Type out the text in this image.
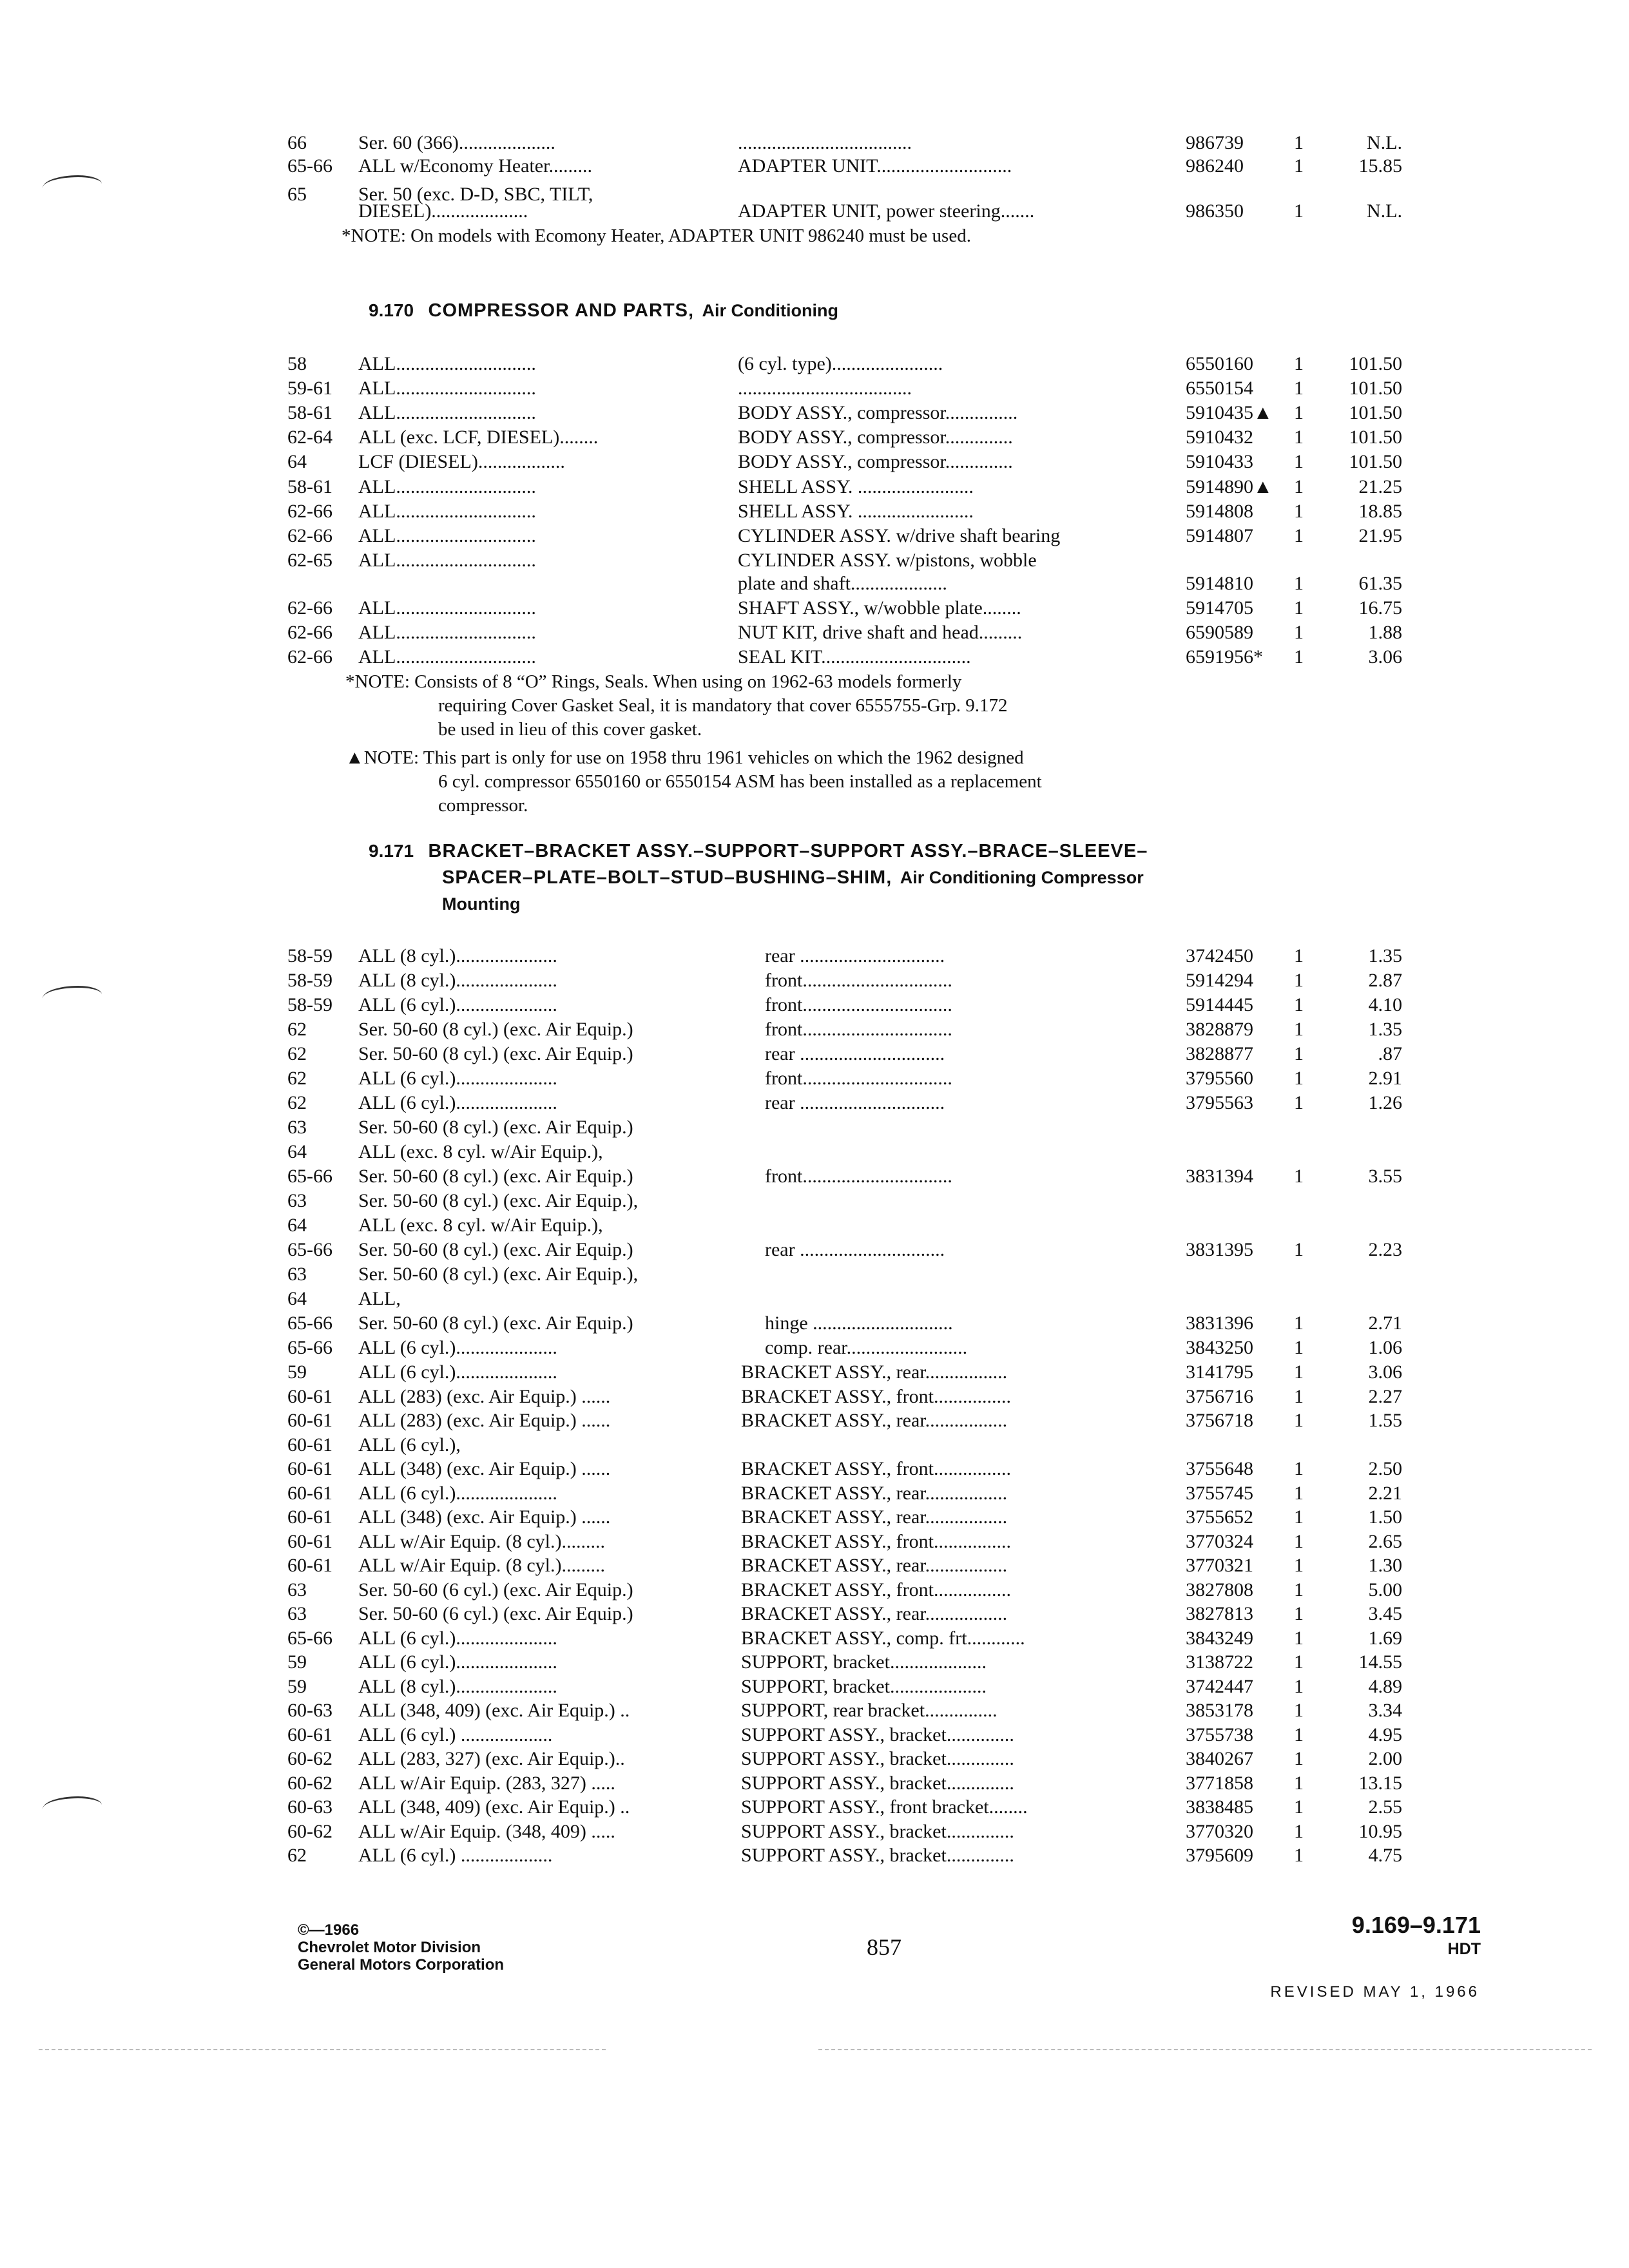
66	Ser. 60 (366)....................	....................................	986739	1	N.L.
65-66 ALL w/Economy Heater.........	ADAPTER UNIT............................	986240	1	15.85
65	Ser. 50 (exc. D-D, SBC, TILT,
DIESEL)....................	ADAPTER UNIT, power steering.......	986350	1	N.L.
*NOTE: On models with Ecomony Heater, ADAPTER UNIT 986240 must be used.
9.170 COMPRESSOR AND PARTS, Air Conditioning
58	ALL.............................	(6 cyl. type).......................	6550160 1 101.50
59-61 ALL.............................	....................................	6550154 1 101.50
58-61 ALL.............................	BODY ASSY., compressor...............	5910435▲ 1 101.50
62-64 ALL (exc. LCF, DIESEL)........	BODY ASSY., compressor..............	5910432 1 101.50
64	LCF (DIESEL)..................	BODY ASSY., compressor..............	5910433 1 101.50
58-61 ALL.............................	SHELL ASSY. ........................	5914890▲ 1	21.25
62-66 ALL.............................	SHELL ASSY. ........................	5914808 1	18.85
62-66 ALL.............................	CYLINDER ASSY. w/drive shaft bearing	5914807 1	21.95
62-65 ALL.............................	CYLINDER ASSY. w/pistons, wobble
plate and shaft....................	5914810 1	61.35
62-66 ALL.............................	SHAFT ASSY., w/wobble plate........	5914705 1	16.75
62-66 ALL.............................	NUT KIT, drive shaft and head.........	6590589 1	1.88
62-66 ALL.............................	SEAL KIT...............................	6591956* 1	3.06
*NOTE: Consists of 8 “O” Rings, Seals. When using on 1962-63 models formerly
requiring Cover Gasket Seal, it is mandatory that cover 6555755-Grp. 9.172
be used in lieu of this cover gasket.
▲NOTE: This part is only for use on 1958 thru 1961 vehicles on which the 1962 designed
6 cyl. compressor 6550160 or 6550154 ASM has been installed as a replacement
compressor.
9.171 BRACKET–BRACKET ASSY.–SUPPORT–SUPPORT ASSY.–BRACE–SLEEVE–
SPACER–PLATE–BOLT–STUD–BUSHING–SHIM, Air Conditioning Compressor
Mounting
58-59 ALL (8 cyl.).....................	rear ..............................	3742450 1	1.35
58-59 ALL (8 cyl.).....................	front...............................	5914294 1	2.87
58-59 ALL (6 cyl.).....................	front...............................	5914445 1	4.10
62	Ser. 50-60 (8 cyl.) (exc. Air Equip.)	front...............................	3828879 1	1.35
62	Ser. 50-60 (8 cyl.) (exc. Air Equip.)	rear ..............................	3828877 1	.87
62	ALL (6 cyl.).....................	front...............................	3795560 1	2.91
62	ALL (6 cyl.).....................	rear ..............................	3795563 1	1.26
63	Ser. 50-60 (8 cyl.) (exc. Air Equip.)
64	ALL (exc. 8 cyl. w/Air Equip.),
65-66 Ser. 50-60 (8 cyl.) (exc. Air Equip.)	front...............................	3831394 1	3.55
63	Ser. 50-60 (8 cyl.) (exc. Air Equip.),
64	ALL (exc. 8 cyl. w/Air Equip.),
65-66 Ser. 50-60 (8 cyl.) (exc. Air Equip.)	rear ..............................	3831395 1	2.23
63	Ser. 50-60 (8 cyl.) (exc. Air Equip.),
64	ALL,
65-66 Ser. 50-60 (8 cyl.) (exc. Air Equip.)	hinge .............................	3831396 1	2.71
65-66 ALL (6 cyl.).....................	comp. rear.........................	3843250 1	1.06
59	ALL (6 cyl.).....................	BRACKET ASSY., rear.................	3141795 1	3.06
60-61 ALL (283) (exc. Air Equip.) ......	BRACKET ASSY., front................	3756716 1	2.27
60-61 ALL (283) (exc. Air Equip.) ......	BRACKET ASSY., rear.................	3756718 1	1.55
60-61 ALL (6 cyl.),
60-61 ALL (348) (exc. Air Equip.) ......	BRACKET ASSY., front................	3755648 1	2.50
60-61 ALL (6 cyl.).....................	BRACKET ASSY., rear.................	3755745 1	2.21
60-61 ALL (348) (exc. Air Equip.) ......	BRACKET ASSY., rear.................	3755652 1	1.50
60-61 ALL w/Air Equip. (8 cyl.).........	BRACKET ASSY., front................	3770324 1	2.65
60-61 ALL w/Air Equip. (8 cyl.).........	BRACKET ASSY., rear.................	3770321 1	1.30
63	Ser. 50-60 (6 cyl.) (exc. Air Equip.)	BRACKET ASSY., front................	3827808 1	5.00
63	Ser. 50-60 (6 cyl.) (exc. Air Equip.)	BRACKET ASSY., rear.................	3827813 1	3.45
65-66 ALL (6 cyl.).....................	BRACKET ASSY., comp. frt............	3843249 1	1.69
59	ALL (6 cyl.).....................	SUPPORT, bracket....................	3138722 1	14.55
59	ALL (8 cyl.).....................	SUPPORT, bracket....................	3742447 1	4.89
60-63 ALL (348, 409) (exc. Air Equip.) ..	SUPPORT, rear bracket...............	3853178 1	3.34
60-61 ALL (6 cyl.) ...................	SUPPORT ASSY., bracket..............	3755738 1	4.95
60-62 ALL (283, 327) (exc. Air Equip.)..	SUPPORT ASSY., bracket..............	3840267 1	2.00
60-62 ALL w/Air Equip. (283, 327) .....	SUPPORT ASSY., bracket..............	3771858 1	13.15
60-63 ALL (348, 409) (exc. Air Equip.) ..	SUPPORT ASSY., front bracket........	3838485 1	2.55
60-62 ALL w/Air Equip. (348, 409) .....	SUPPORT ASSY., bracket..............	3770320 1	10.95
62	ALL (6 cyl.) ...................	SUPPORT ASSY., bracket..............	3795609 1	4.75
©—1966
Chevrolet Motor Division
General Motors Corporation
857
9.169–9.171
HDT
REVISED MAY 1, 1966
